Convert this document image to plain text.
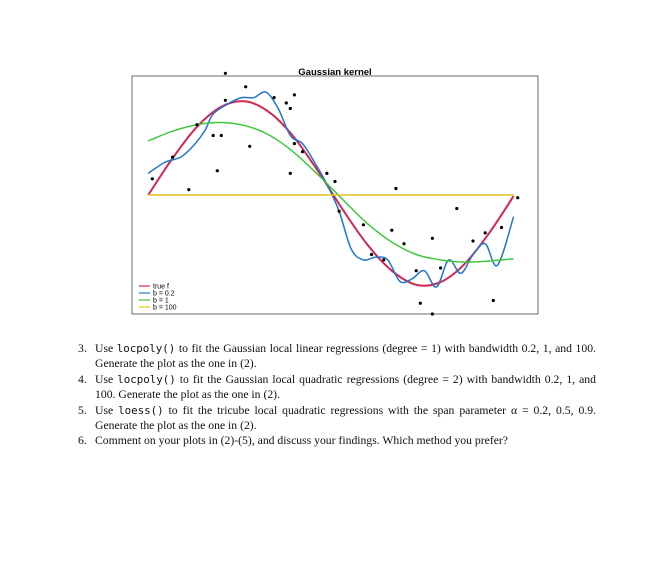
Gaussian kernel
true f
b = 0.2
b = 1
b = 100
3. Use locpoly() to fit the Gaussian local linear regressions (degree = 1) with bandwidth 0.2, 1, and 100. Generate the plot as the one in (2).
4. Use locpoly() to fit the Gaussian local quadratic regressions (degree = 2) with bandwidth 0.2, 1, and 100. Generate the plot as the one in (2).
5. Use loess() to fit the tricube local quadratic regressions with the span parameter α = 0.2, 0.5, 0.9. Generate the plot as the one in (2).
6. Comment on your plots in (2)-(5), and discuss your findings. Which method you prefer?
